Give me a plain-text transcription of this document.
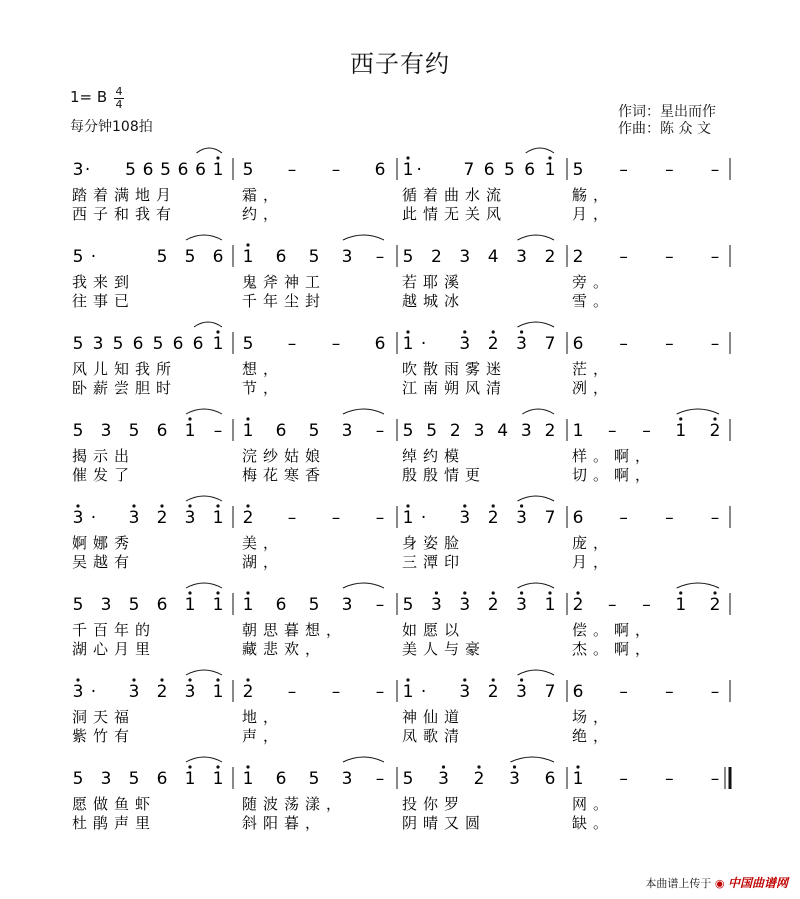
西子有约
1= B 4
4
每分钟108拍
作词：星出而作
作曲：陈 众 文
3 · 5 6 5 6 6 1
踏着满地月
西子和我有
5 – – 6
霜，
约，
1 · 7 6 5 6 1
循着曲水流
此情无关风
5 – – –
觞，
月，
5 ·	5 5 6
我来到
往事已
1 6 5 3 –
鬼斧神工
千年尘封
5 2 3 4 3 2
若耶溪
越城冰
2 – – –
旁。
雪。
5 3 5 6 5 6 6 1
风儿知我所
卧薪尝胆时
5 – – 6
想，
节，
1 · 3 2 3 7
吹散雨雾迷
江南朔风清
6 – – –
茫，
冽，
5 3 5 6 1 –
揭示出
催发了
1 6 5 3 –
浣纱姑娘
梅花寒香
5 5 2 3 4 3 2
绰约模
殷殷情更
1 – – 1 2
样。啊，
切。啊，
3 · 3 2 3 1
婀娜秀
吴越有
2 – – –
美，
湖，
1 · 3 2 3 7
身姿脸
三潭印
6 – – –
庞，
月，
5 3 5 6 1 1
千百年的
湖心月里
1 6 5 3 –
朝思暮想，
藏悲欢，
5 3 3 2 3 1
如愿以
美人与豪
2 – – 1 2
偿。啊，
杰。啊，
3 · 3 2 3 1
洞天福
紫竹有
2 – – –
地，
声，
1 · 3 2 3 7
神仙道
凤歌清
6 – – –
场，
绝，
5 3 5 6 1 1
愿做鱼虾
杜鹃声里
1 6 5 3 –
随波荡漾，
斜阳暮，
5 3 2 3 6
投你罗
阴晴又圆
1 – – –
网。
缺。
本曲谱上传于 ◉ 中国曲谱网
